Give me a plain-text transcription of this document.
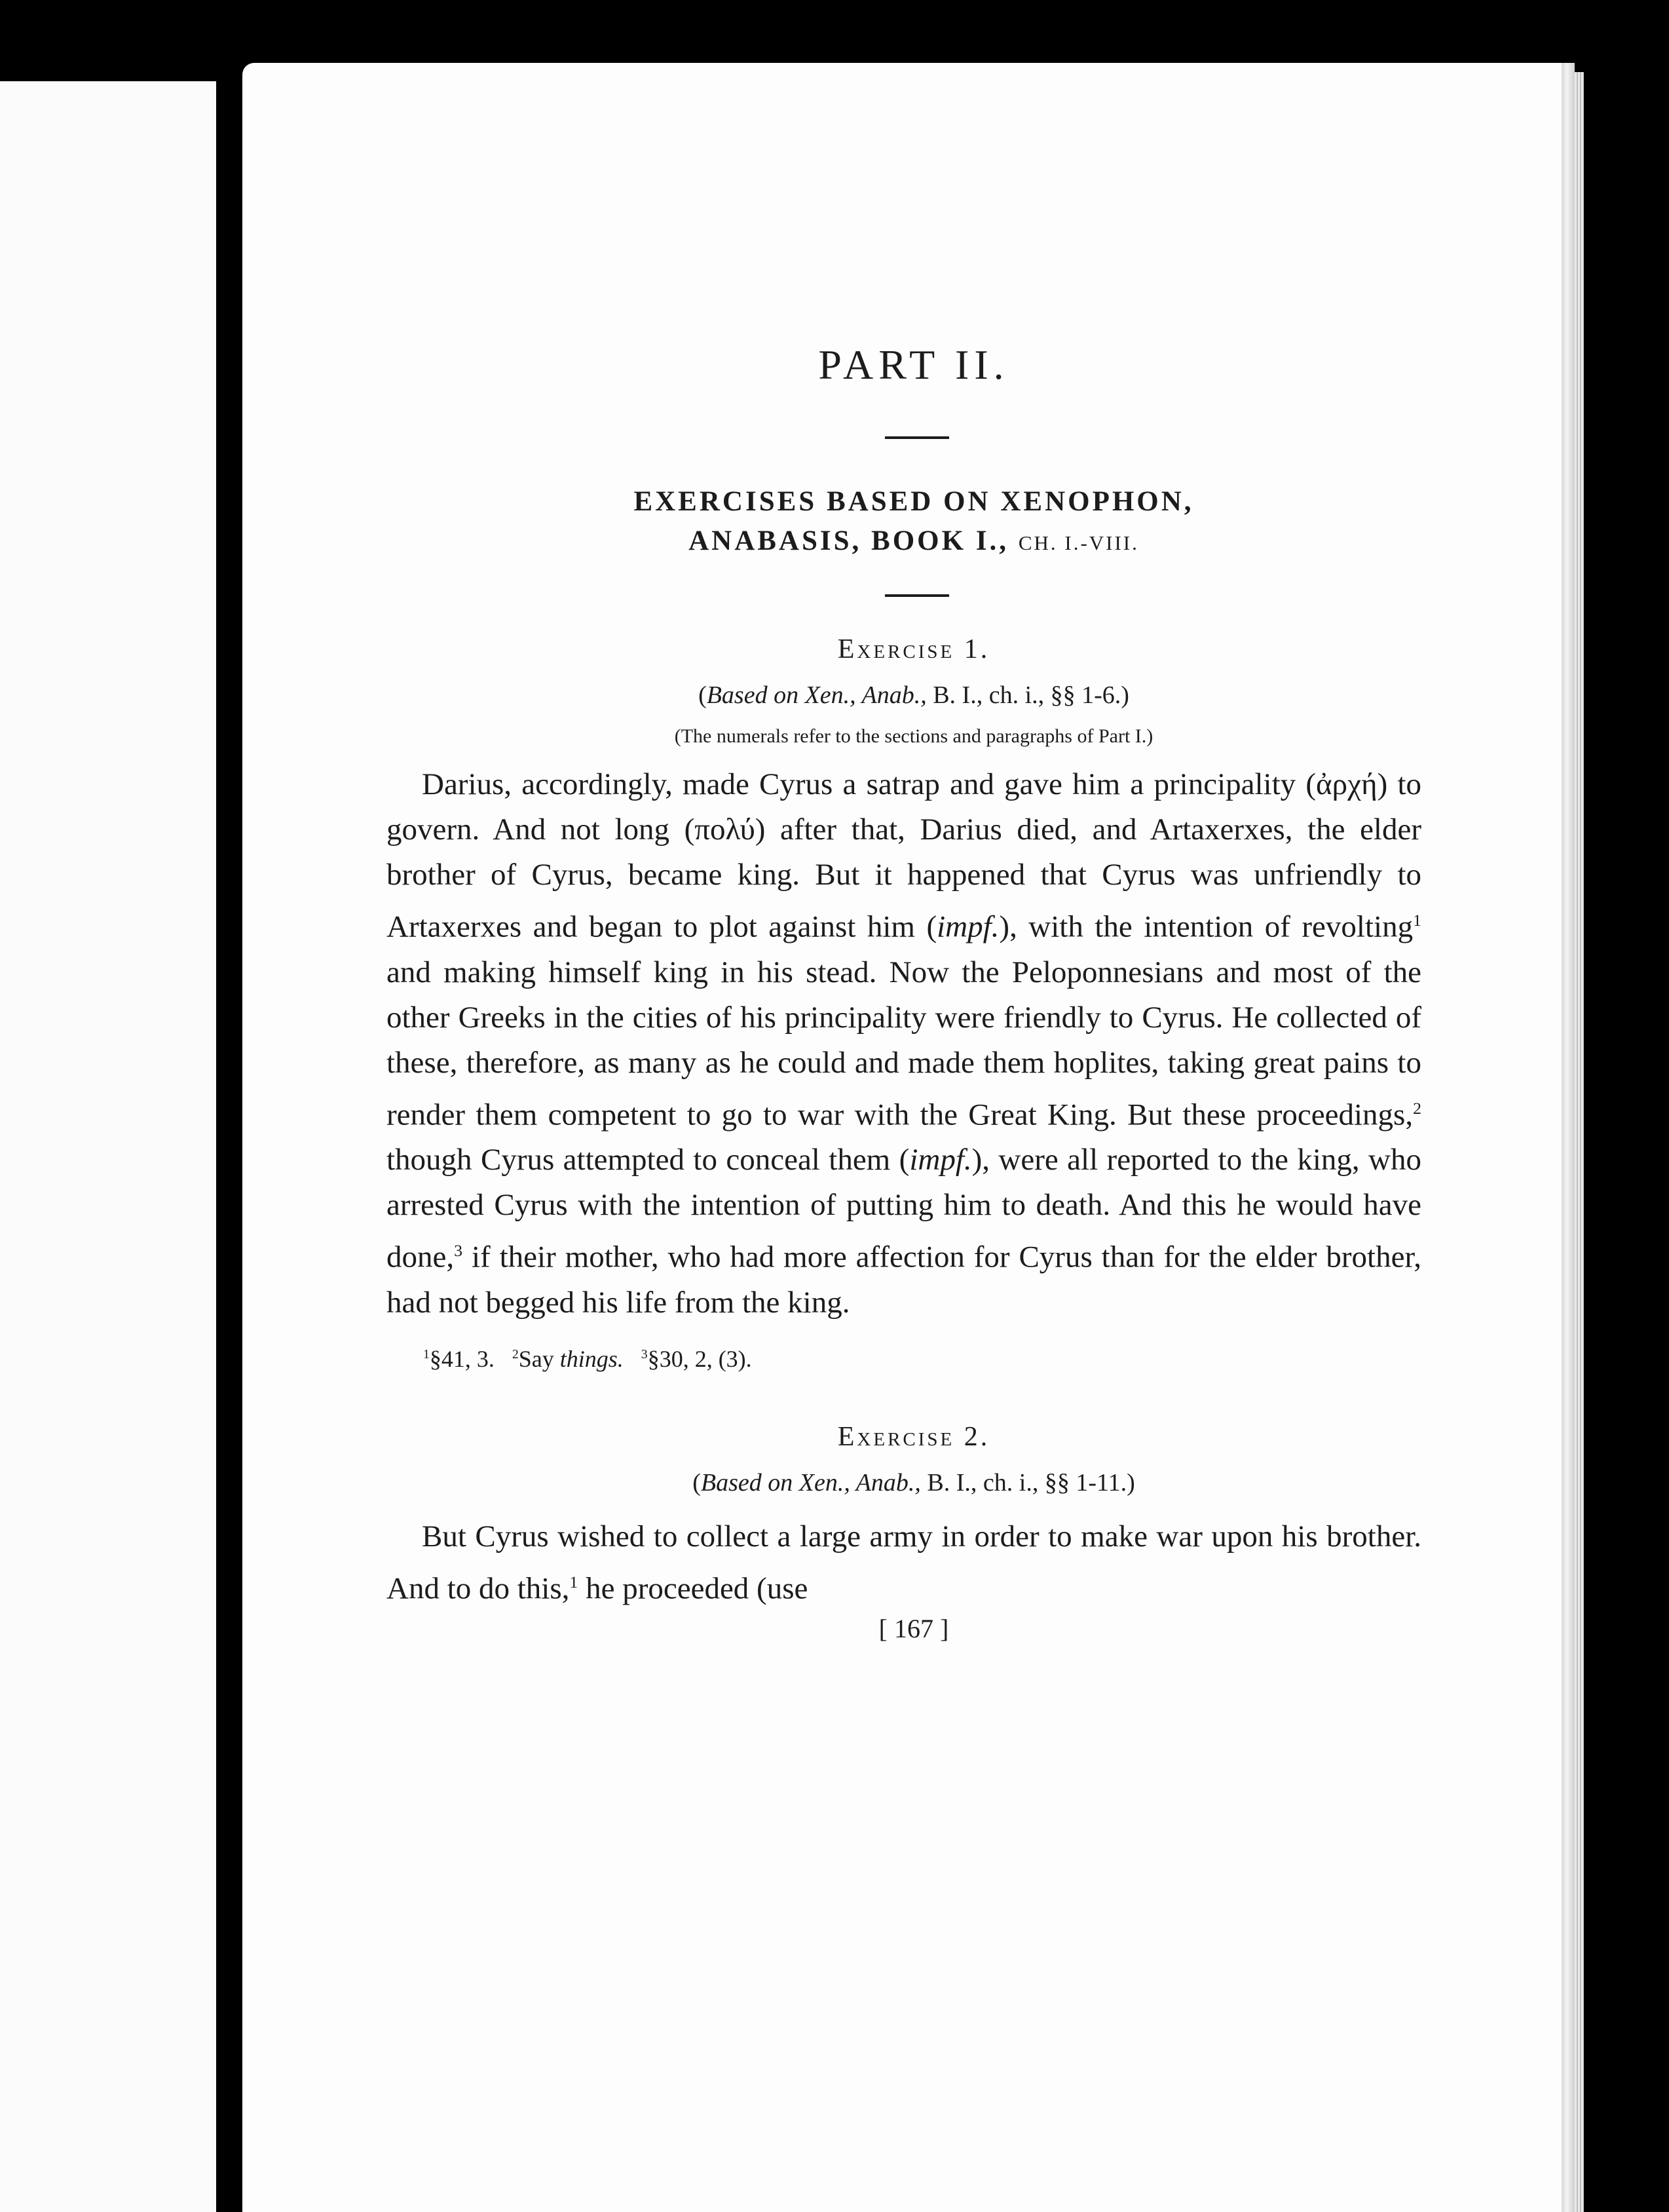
PART II.
EXERCISES BASED ON XENOPHON,
ANABASIS, BOOK I., CH. I.-VIII.
Exercise 1.
(Based on Xen., Anab., B. I., ch. i., §§ 1-6.)
(The numerals refer to the sections and paragraphs of Part I.)

Darius, accordingly, made Cyrus a satrap and gave him a principality (ἀρχή) to govern. And not long (πολύ) after that, Darius died, and Artaxerxes, the elder brother of Cyrus, became king. But it happened that Cyrus was unfriendly to Artaxerxes and began to plot against him (impf.), with the intention of revolting$^1$ and making himself king in his stead. Now the Peloponnesians and most of the other Greeks in the cities of his principality were friendly to Cyrus. He collected of these, therefore, as many as he could and made them hoplites, taking great pains to render them competent to go to war with the Great King. But these proceedings,$^2$ though Cyrus attempted to conceal them (impf.), were all reported to the king, who arrested Cyrus with the intention of putting him to death. And this he would have done,$^3$ if their mother, who had more affection for Cyrus than for the elder brother, had not begged his life from the king.

$^1$§41, 3. $^2$Say things. $^3$§30, 2, (3).
Exercise 2.
(Based on Xen., Anab., B. I., ch. i., §§ 1-11.)

But Cyrus wished to collect a large army in order to make war upon his brother. And to do this,$^1$ he proceeded (use

[ 167 ]
